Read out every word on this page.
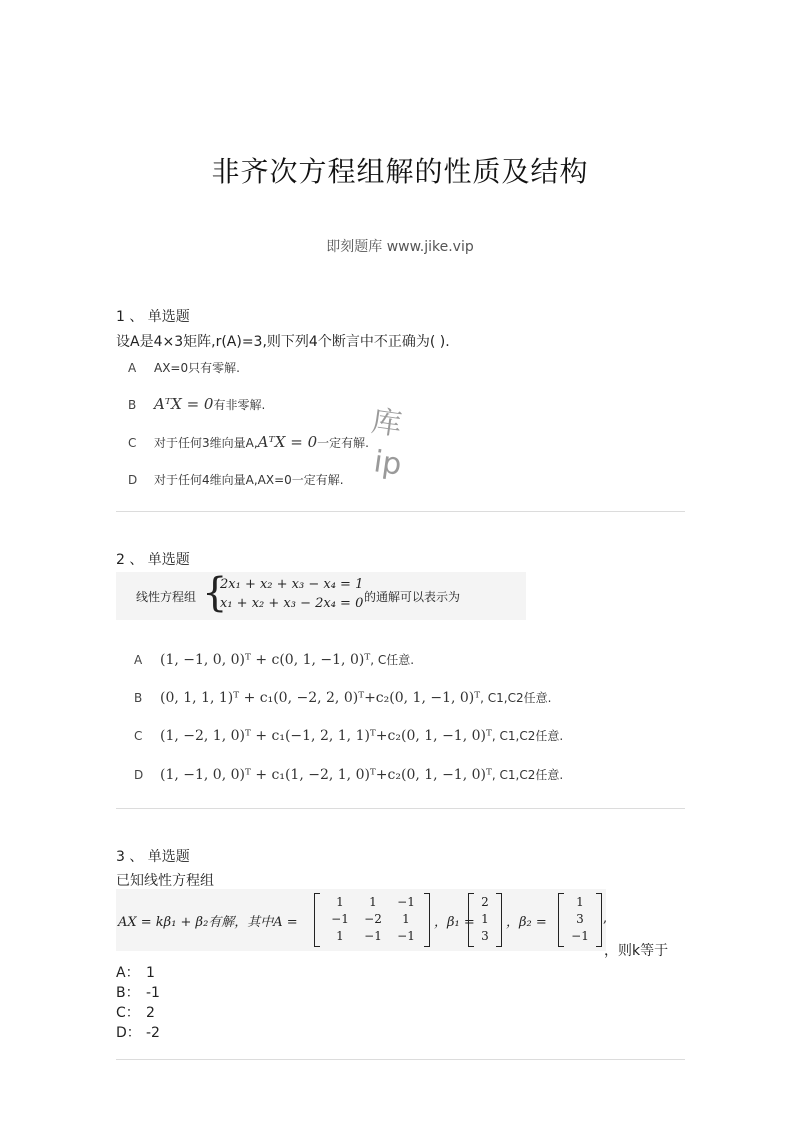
非齐次方程组解的性质及结构
即刻题库 www.jike.vip
1 、 单选题
设A是4×3矩阵,r(A)=3,则下列4个断言中不正确为( ).
A AX=0只有零解.
B AᵀX = 0有非零解.
C 对于任何3维向量A,AᵀX = 0一定有解.
D 对于任何4维向量A,AX=0一定有解.
库
ip
2 、 单选题
线性方程组 {
2x₁ + x₂ + x₃ − x₄ = 1
x₁ + x₂ + x₃ − 2x₄ = 0 的通解可以表示为
A (1, −1, 0, 0)ᵀ + c(0, 1, −1, 0)ᵀ, C任意.
B (0, 1, 1, 1)ᵀ + c₁(0, −2, 2, 0)ᵀ+c₂(0, 1, −1, 0)ᵀ, C1,C2任意.
C (1, −2, 1, 0)ᵀ + c₁(−1, 2, 1, 1)ᵀ+c₂(0, 1, −1, 0)ᵀ, C1,C2任意.
D (1, −1, 0, 0)ᵀ + c₁(1, −2, 1, 0)ᵀ+c₂(0, 1, −1, 0)ᵀ, C1,C2任意.
3 、 单选题
已知线性方程组
AX = kβ₁ + β₂有解，其中A =
1 1 −1
−1 −2 1
1 −1 −1
，β₁ =
2
1
3
，β₂ =
1
3
−1
,
，则k等于
A： 1
B： -1
C： 2
D： -2
